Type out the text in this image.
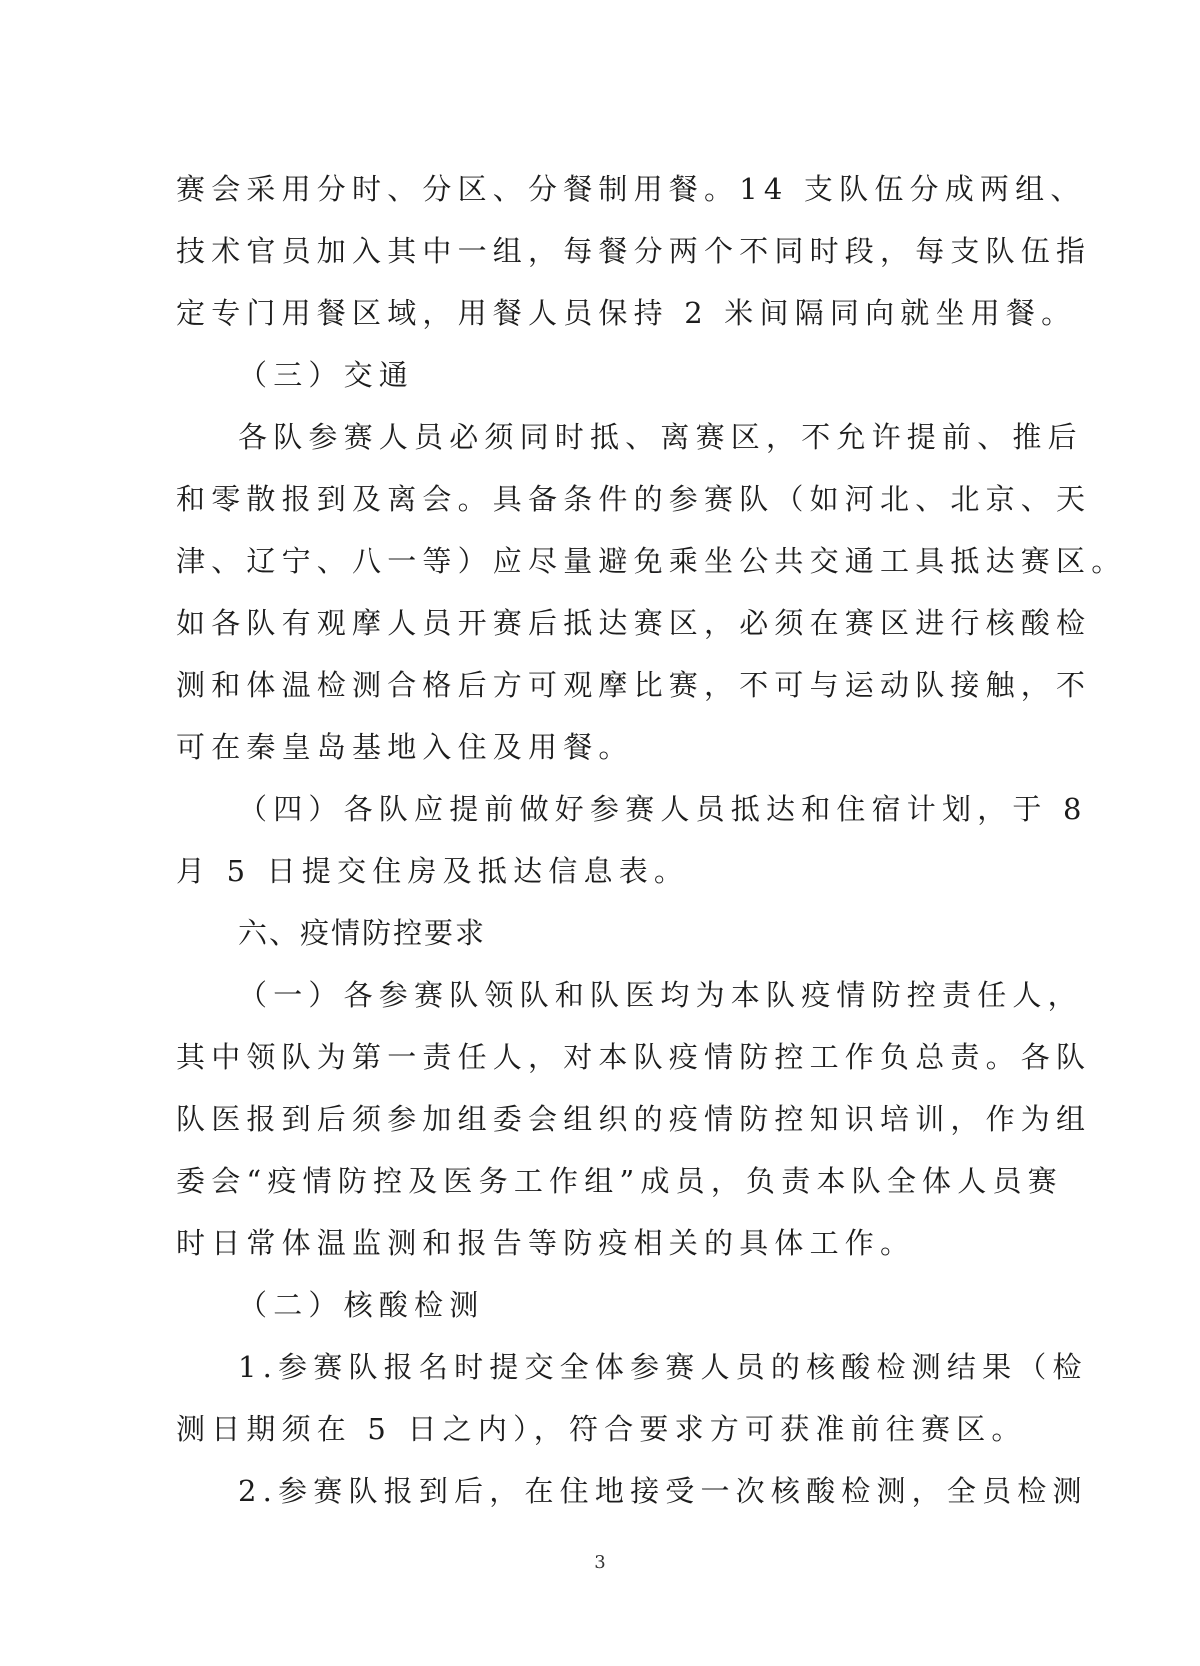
赛会采用分时、分区、分餐制用餐。14 支队伍分成两组、
技术官员加入其中一组，每餐分两个不同时段，每支队伍指
定专门用餐区域，用餐人员保持 2 米间隔同向就坐用餐。
（三）交通
各队参赛人员必须同时抵、离赛区，不允许提前、推后
和零散报到及离会。具备条件的参赛队（如河北、北京、天
津、辽宁、八一等）应尽量避免乘坐公共交通工具抵达赛区。
如各队有观摩人员开赛后抵达赛区，必须在赛区进行核酸检
测和体温检测合格后方可观摩比赛，不可与运动队接触，不
可在秦皇岛基地入住及用餐。
（四）各队应提前做好参赛人员抵达和住宿计划，于 8
月 5 日提交住房及抵达信息表。
六、疫情防控要求
（一）各参赛队领队和队医均为本队疫情防控责任人，
其中领队为第一责任人，对本队疫情防控工作负总责。各队
队医报到后须参加组委会组织的疫情防控知识培训，作为组
委会“疫情防控及医务工作组”成员，负责本队全体人员赛
时日常体温监测和报告等防疫相关的具体工作。
（二）核酸检测
1.参赛队报名时提交全体参赛人员的核酸检测结果（检
测日期须在 5 日之内），符合要求方可获准前往赛区。
2.参赛队报到后，在住地接受一次核酸检测，全员检测
3
